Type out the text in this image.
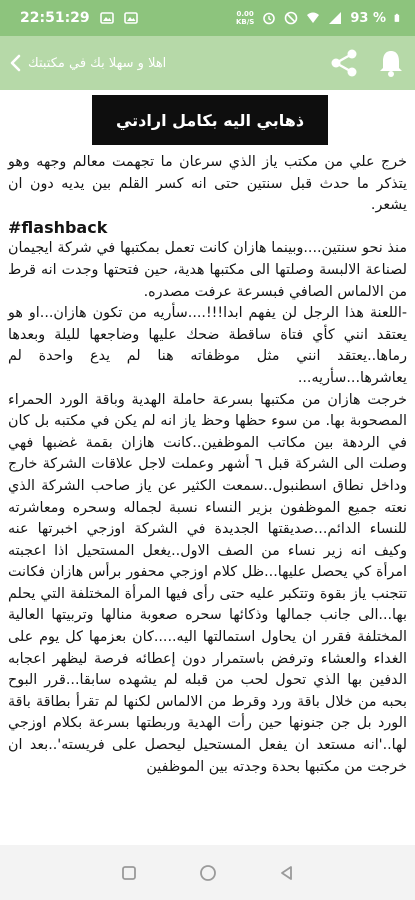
22:51:29	0.00
KB/S	93 %
اهلا و سهلا بك في مكتبتك
ذهابي اليه بكامل ارادتي

خرج علي من مكتب ياز الذي سرعان ما تجهمت معالم وجهه وهو يتذكر ما حدث قبل سنتين حتى انه كسر القلم بين يديه دون ان يشعر.

#flashback

منذ نحو سنتين....وبينما هازان كانت تعمل بمكتبها في شركة ايجيمان لصناعة الالبسة وصلتها الى مكتبها هدية، حين فتحتها وجدت انه قرط من الالماس الصافي فبسرعة عرفت مصدره.

-اللعنة هذا الرجل لن يفهم ابدا!!!....سأريه من تكون هازان...او هو يعتقد انني كأي فتاة ساقطة ضحك عليها وضاجعها لليلة وبعدها رماها..يعتقد انني مثل موظفاته هنا لم يدع واحدة لم يعاشرها...سأريه...

خرجت هازان من مكتبها بسرعة حاملة الهدية وباقة الورد الحمراء المصحوبة بها. من سوء حظها وحظ ياز انه لم يكن في مكتبه بل كان في الردهة بين مكاتب الموظفين..كانت هازان بقمة غضبها فهي وصلت الى الشركة قبل ٦ أشهر وعملت لاجل علاقات الشركة خارج وداخل نطاق اسطنبول..سمعت الكثير عن ياز صاحب الشركة الذي نعته جميع الموظفون بزير النساء نسبة لجماله وسحره ومعاشرته للنساء الدائم...صديقتها الجديدة في الشركة اوزجي اخبرتها عنه وكيف انه زير نساء من الصف الاول..يغعل المستحيل اذا اعجبته امرأة كي يحصل عليها...ظل كلام اوزجي محفور برأس هازان فكانت تتجنب ياز بقوة وتتكبر عليه حتى رأى فيها المرأة المختلفة التي يحلم بها...الى جانب جمالها وذكائها سحره صعوبة منالها وتربيتها العالية المختلفة فقرر ان يحاول استمالتها اليه.....كان بعزمها كل يوم على الغداء والعشاء وترفض باستمرار دون إعطائه فرصة ليظهر اعجابه الدفين بها الذي تحول لحب من قبله لم يشهده سابقا...قرر البوح بحبه من خلال باقة ورد وقرط من الالماس لكنها لم تقرأ بطاقة باقة الورد بل جن جنونها حين رأت الهدية وربطتها بسرعة بكلام اوزجي لها..'انه مستعد ان يفعل المستحيل ليحصل على فريسته'..بعد ان خرجت من مكتبها بحدة وجدته بين الموظفين
